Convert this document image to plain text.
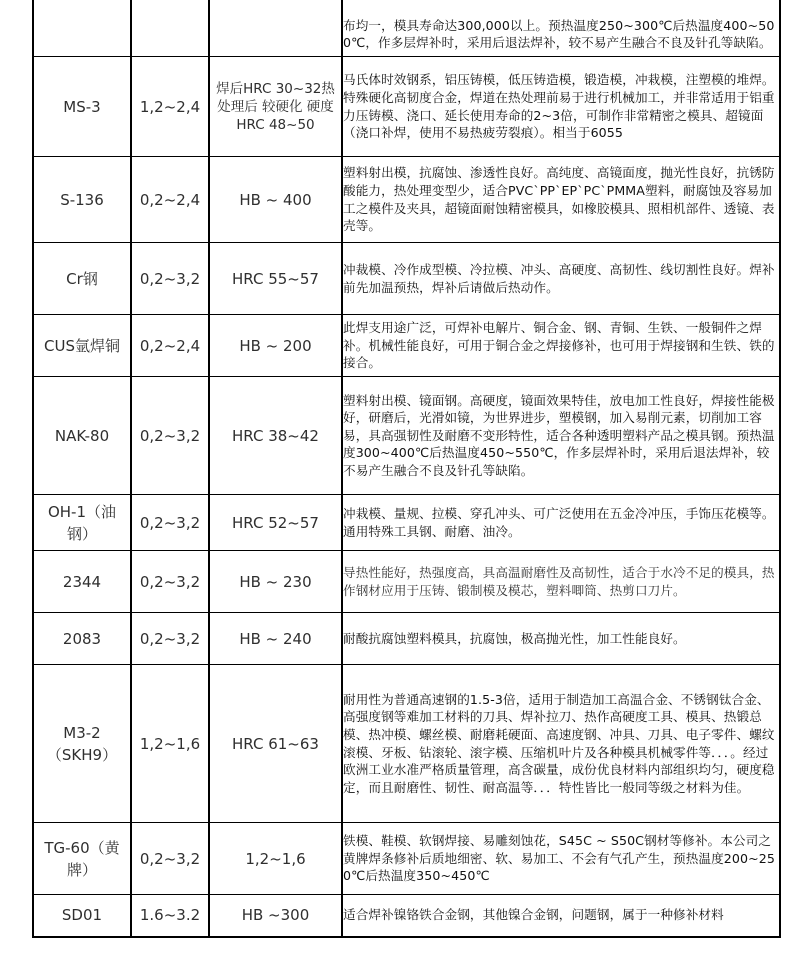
			布均一，模具寿命达300,000以上。预热温度250~300℃后热温度400~500℃，作多层焊补时，采用后退法焊补，较不易产生融合不良及针孔等缺陷。
MS-3	1,2~2,4	焊后HRC 30~32热处理后 较硬化 硬度HRC 48~50	马氏体时效钢系，铝压铸模，低压铸造模，锻造模，冲栽模，注塑模的堆焊。特殊硬化高韧度合金，焊道在热处理前易于进行机械加工，并非常适用于铝重力压铸模、浇口、延长使用寿命的2~3倍，可制作非常精密之模具、超镜面（浇口补焊，使用不易热疲劳裂痕）。相当于6055
S-136	0,2~2,4	HB ~ 400	塑料射出模，抗腐蚀、渗透性良好。高纯度、高镜面度，抛光性良好，抗锈防酸能力，热处理变型少，适合PVC`PP`EP`PC`PMMA塑料，耐腐蚀及容易加工之模件及夹具，超镜面耐蚀精密模具，如橡胶模具、照相机部件、透镜、表壳等。
Cr钢	0,2~3,2	HRC 55~57	冲裁模、冷作成型模、冷拉模、冲头、高硬度、高韧性、线切割性良好。焊补前先加温预热，焊补后请做后热动作。
CUS氩焊铜	0,2~2,4	HB ~ 200	此焊支用途广泛，可焊补电解片、铜合金、钢、青铜、生铁、一般铜件之焊补。机械性能良好，可用于铜合金之焊接修补，也可用于焊接钢和生铁、铁的接合。
NAK-80	0,2~3,2	HRC 38~42	塑料射出模、镜面钢。高硬度，镜面效果特佳，放电加工性良好，焊接性能极好，研磨后，光滑如镜，为世界进步，塑模钢，加入易削元素，切削加工容易，具高强韧性及耐磨不变形特性，适合各种透明塑料产品之模具钢。预热温度300~400℃后热温度450~550℃，作多层焊补时，采用后退法焊补，较不易产生融合不良及针孔等缺陷。
OH-1（油钢）	0,2~3,2	HRC 52~57	冲栽模、量规、拉模、穿孔冲头、可广泛使用在五金冷冲压，手饰压花模等。通用特殊工具钢、耐磨、油冷。
2344	0,2~3,2	HB ~ 230	导热性能好，热强度高，具高温耐磨性及高韧性，适合于水冷不足的模具，热作钢材应用于压铸、锻制模及模芯，塑料唧筒、热剪口刀片。
2083	0,2~3,2	HB ~ 240	耐酸抗腐蚀塑料模具，抗腐蚀，极高抛光性，加工性能良好。
M3-2（SKH9）	1,2~1,6	HRC 61~63	耐用性为普通高速钢的1.5-3倍，适用于制造加工高温合金、不锈钢钛合金、高强度钢等难加工材料的刀具、焊补拉刀、热作高硬度工具、模具、热锻总模、热冲模、螺丝模、耐磨耗硬面、高速度钢、冲具、刀具、电子零件、螺纹滚模、牙板、钻滚轮、滚字模、压缩机叶片及各种模具机械零件等．．．。经过欧洲工业水准严格质量管理，高含碳量，成份优良材料内部组织均匀，硬度稳定，而且耐磨性、韧性、耐高温等．．．特性皆比一般同等级之材料为佳。
TG-60（黄牌）	0,2~3,2	1,2~1,6	铁模、鞋模、软钢焊接、易雕刻蚀花，S45C ~ S50C钢材等修补。本公司之黄牌焊条修补后质地细密、软、易加工、不会有气孔产生，预热温度200~250℃后热温度350~450℃
SD01	1.6~3.2	HB ~300	适合焊补镍铬铁合金钢，其他镍合金钢，问题钢，属于一种修补材料
